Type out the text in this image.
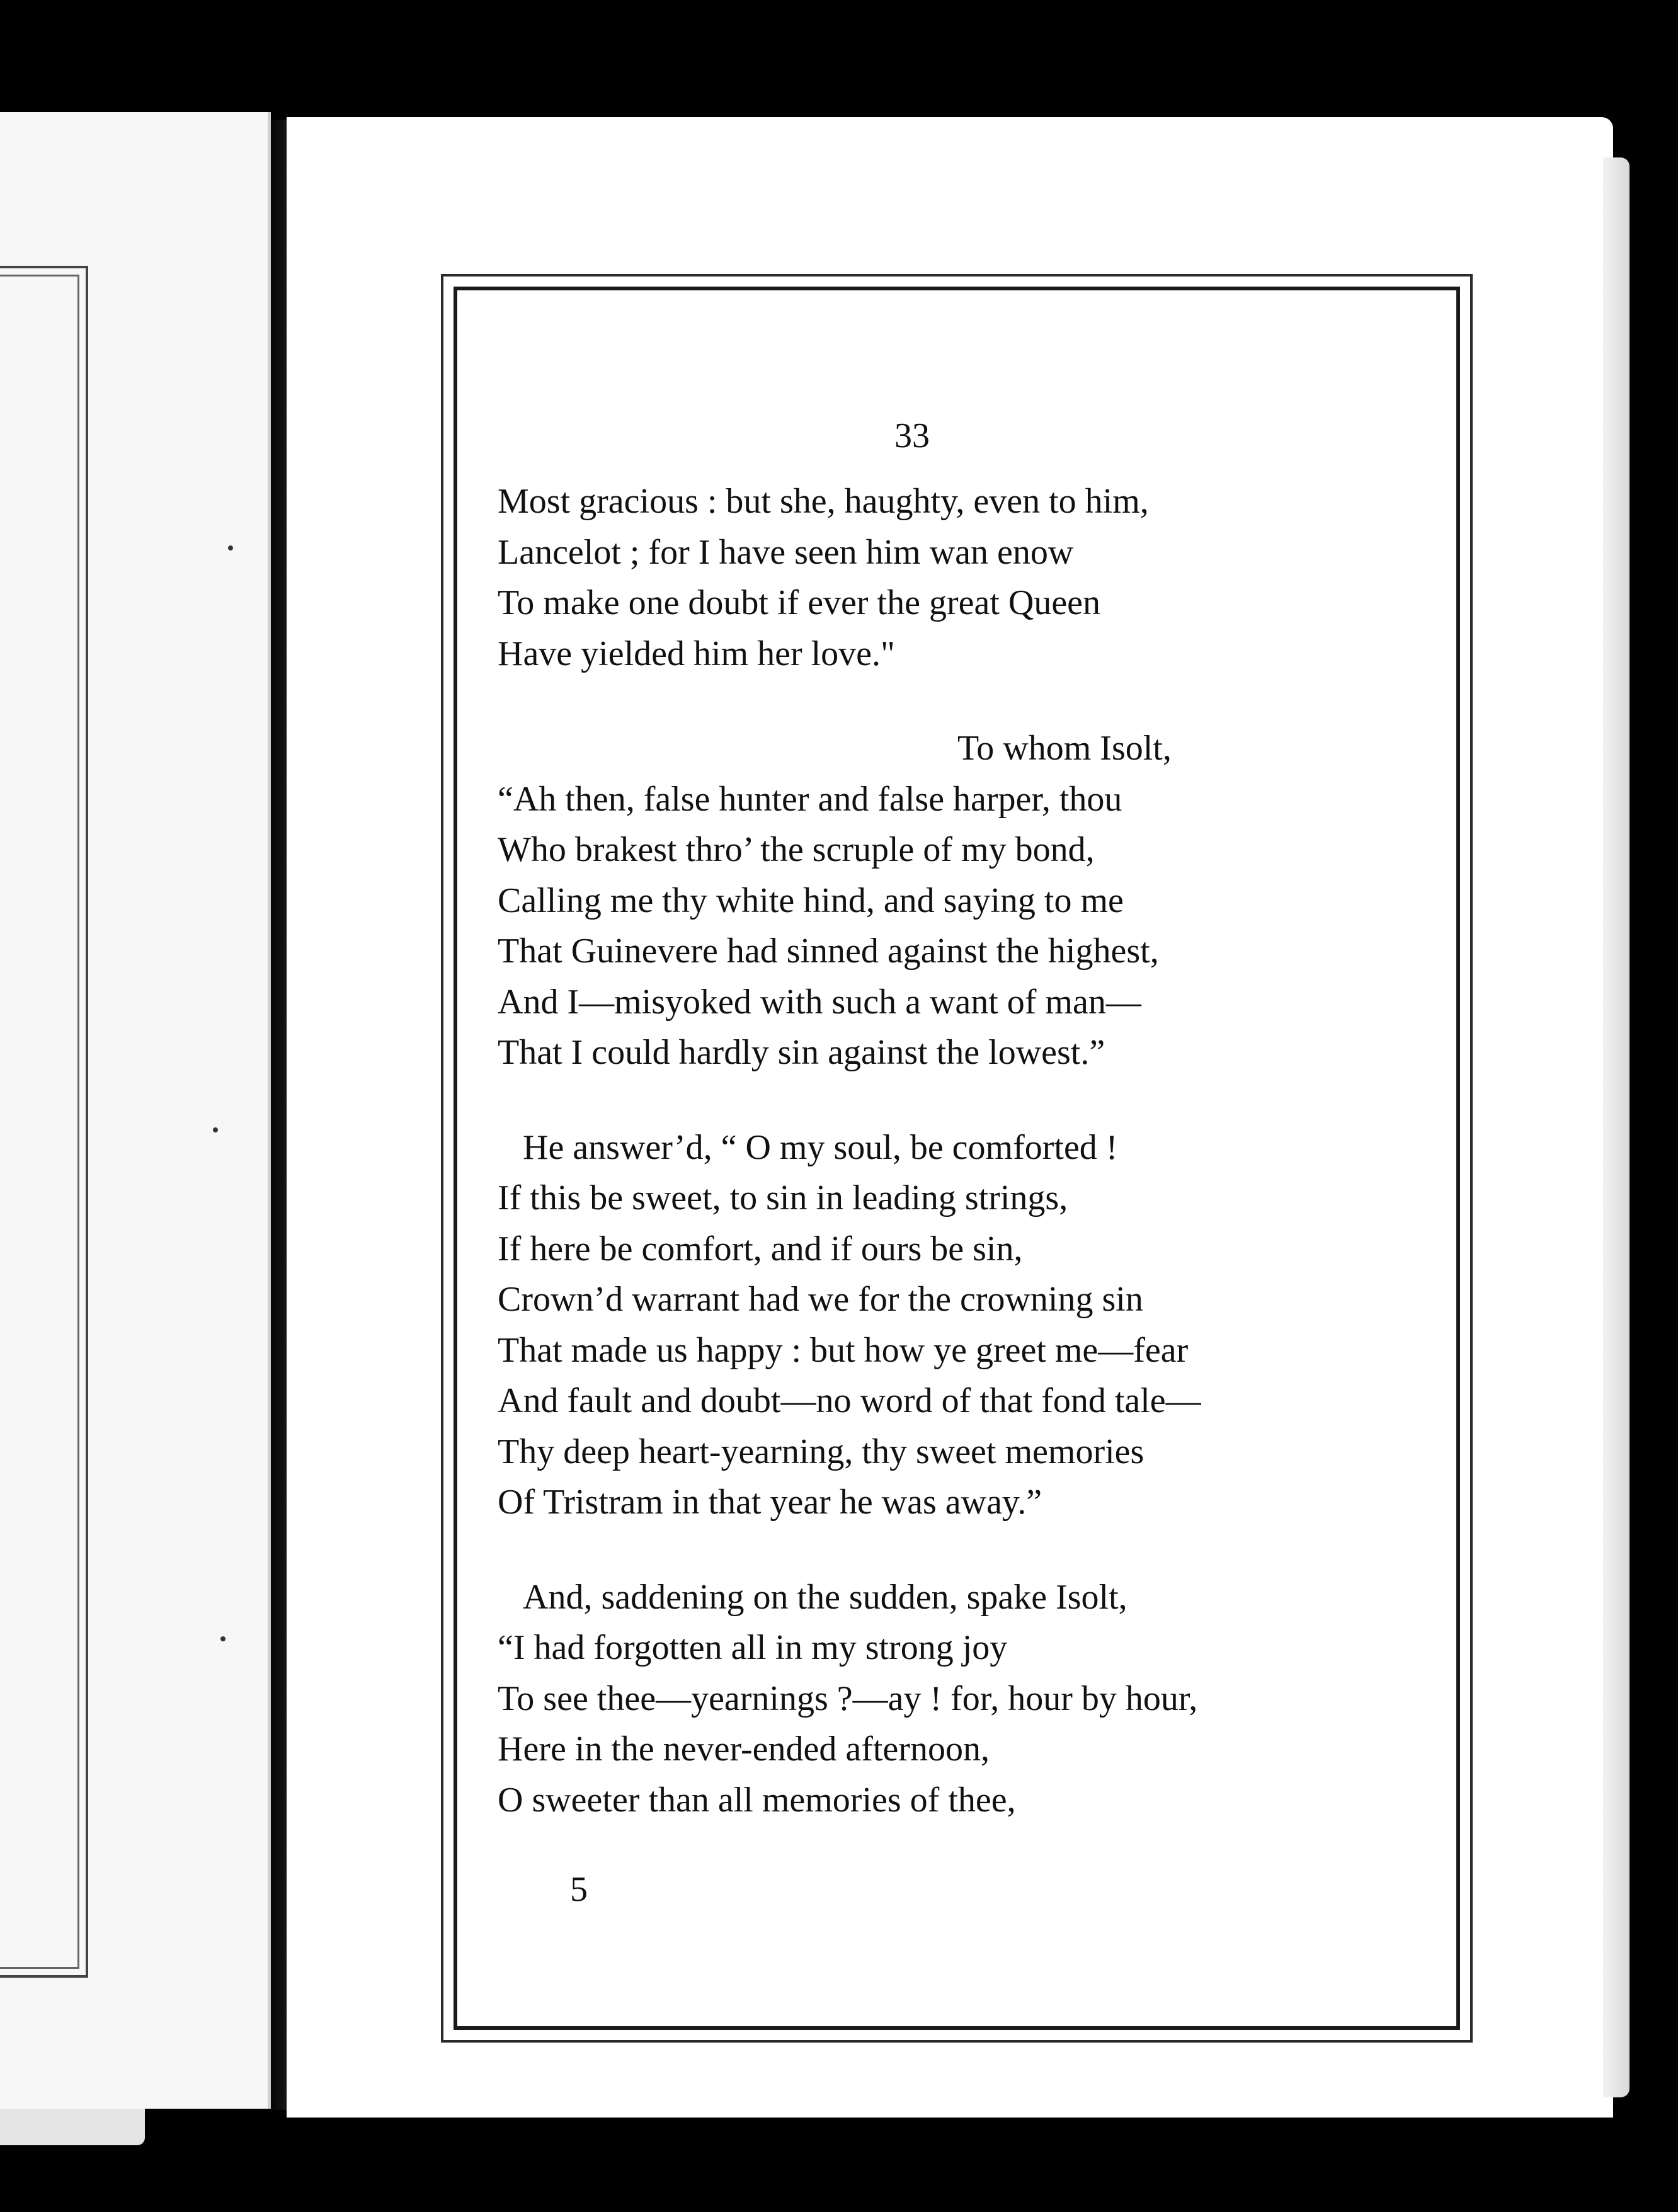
33
Most gracious : but she, haughty, even to him,
Lancelot ; for I have seen him wan enow
To make one doubt if ever the great Queen
Have yielded him her love."
To whom Isolt,
“Ah then, false hunter and false harper, thou
Who brakest thro’ the scruple of my bond,
Calling me thy white hind, and saying to me
That Guinevere had sinned against the highest,
And I—misyoked with such a want of man—
That I could hardly sin against the lowest.”
He answer’d, “ O my soul, be comforted !
If this be sweet, to sin in leading strings,
If here be comfort, and if ours be sin,
Crown’d warrant had we for the crowning sin
That made us happy : but how ye greet me—fear
And fault and doubt—no word of that fond tale—
Thy deep heart-yearning, thy sweet memories
Of Tristram in that year he was away.”
And, saddening on the sudden, spake Isolt,
“I had forgotten all in my strong joy
To see thee—yearnings ?—ay ! for, hour by hour,
Here in the never-ended afternoon,
O sweeter than all memories of thee,
5
